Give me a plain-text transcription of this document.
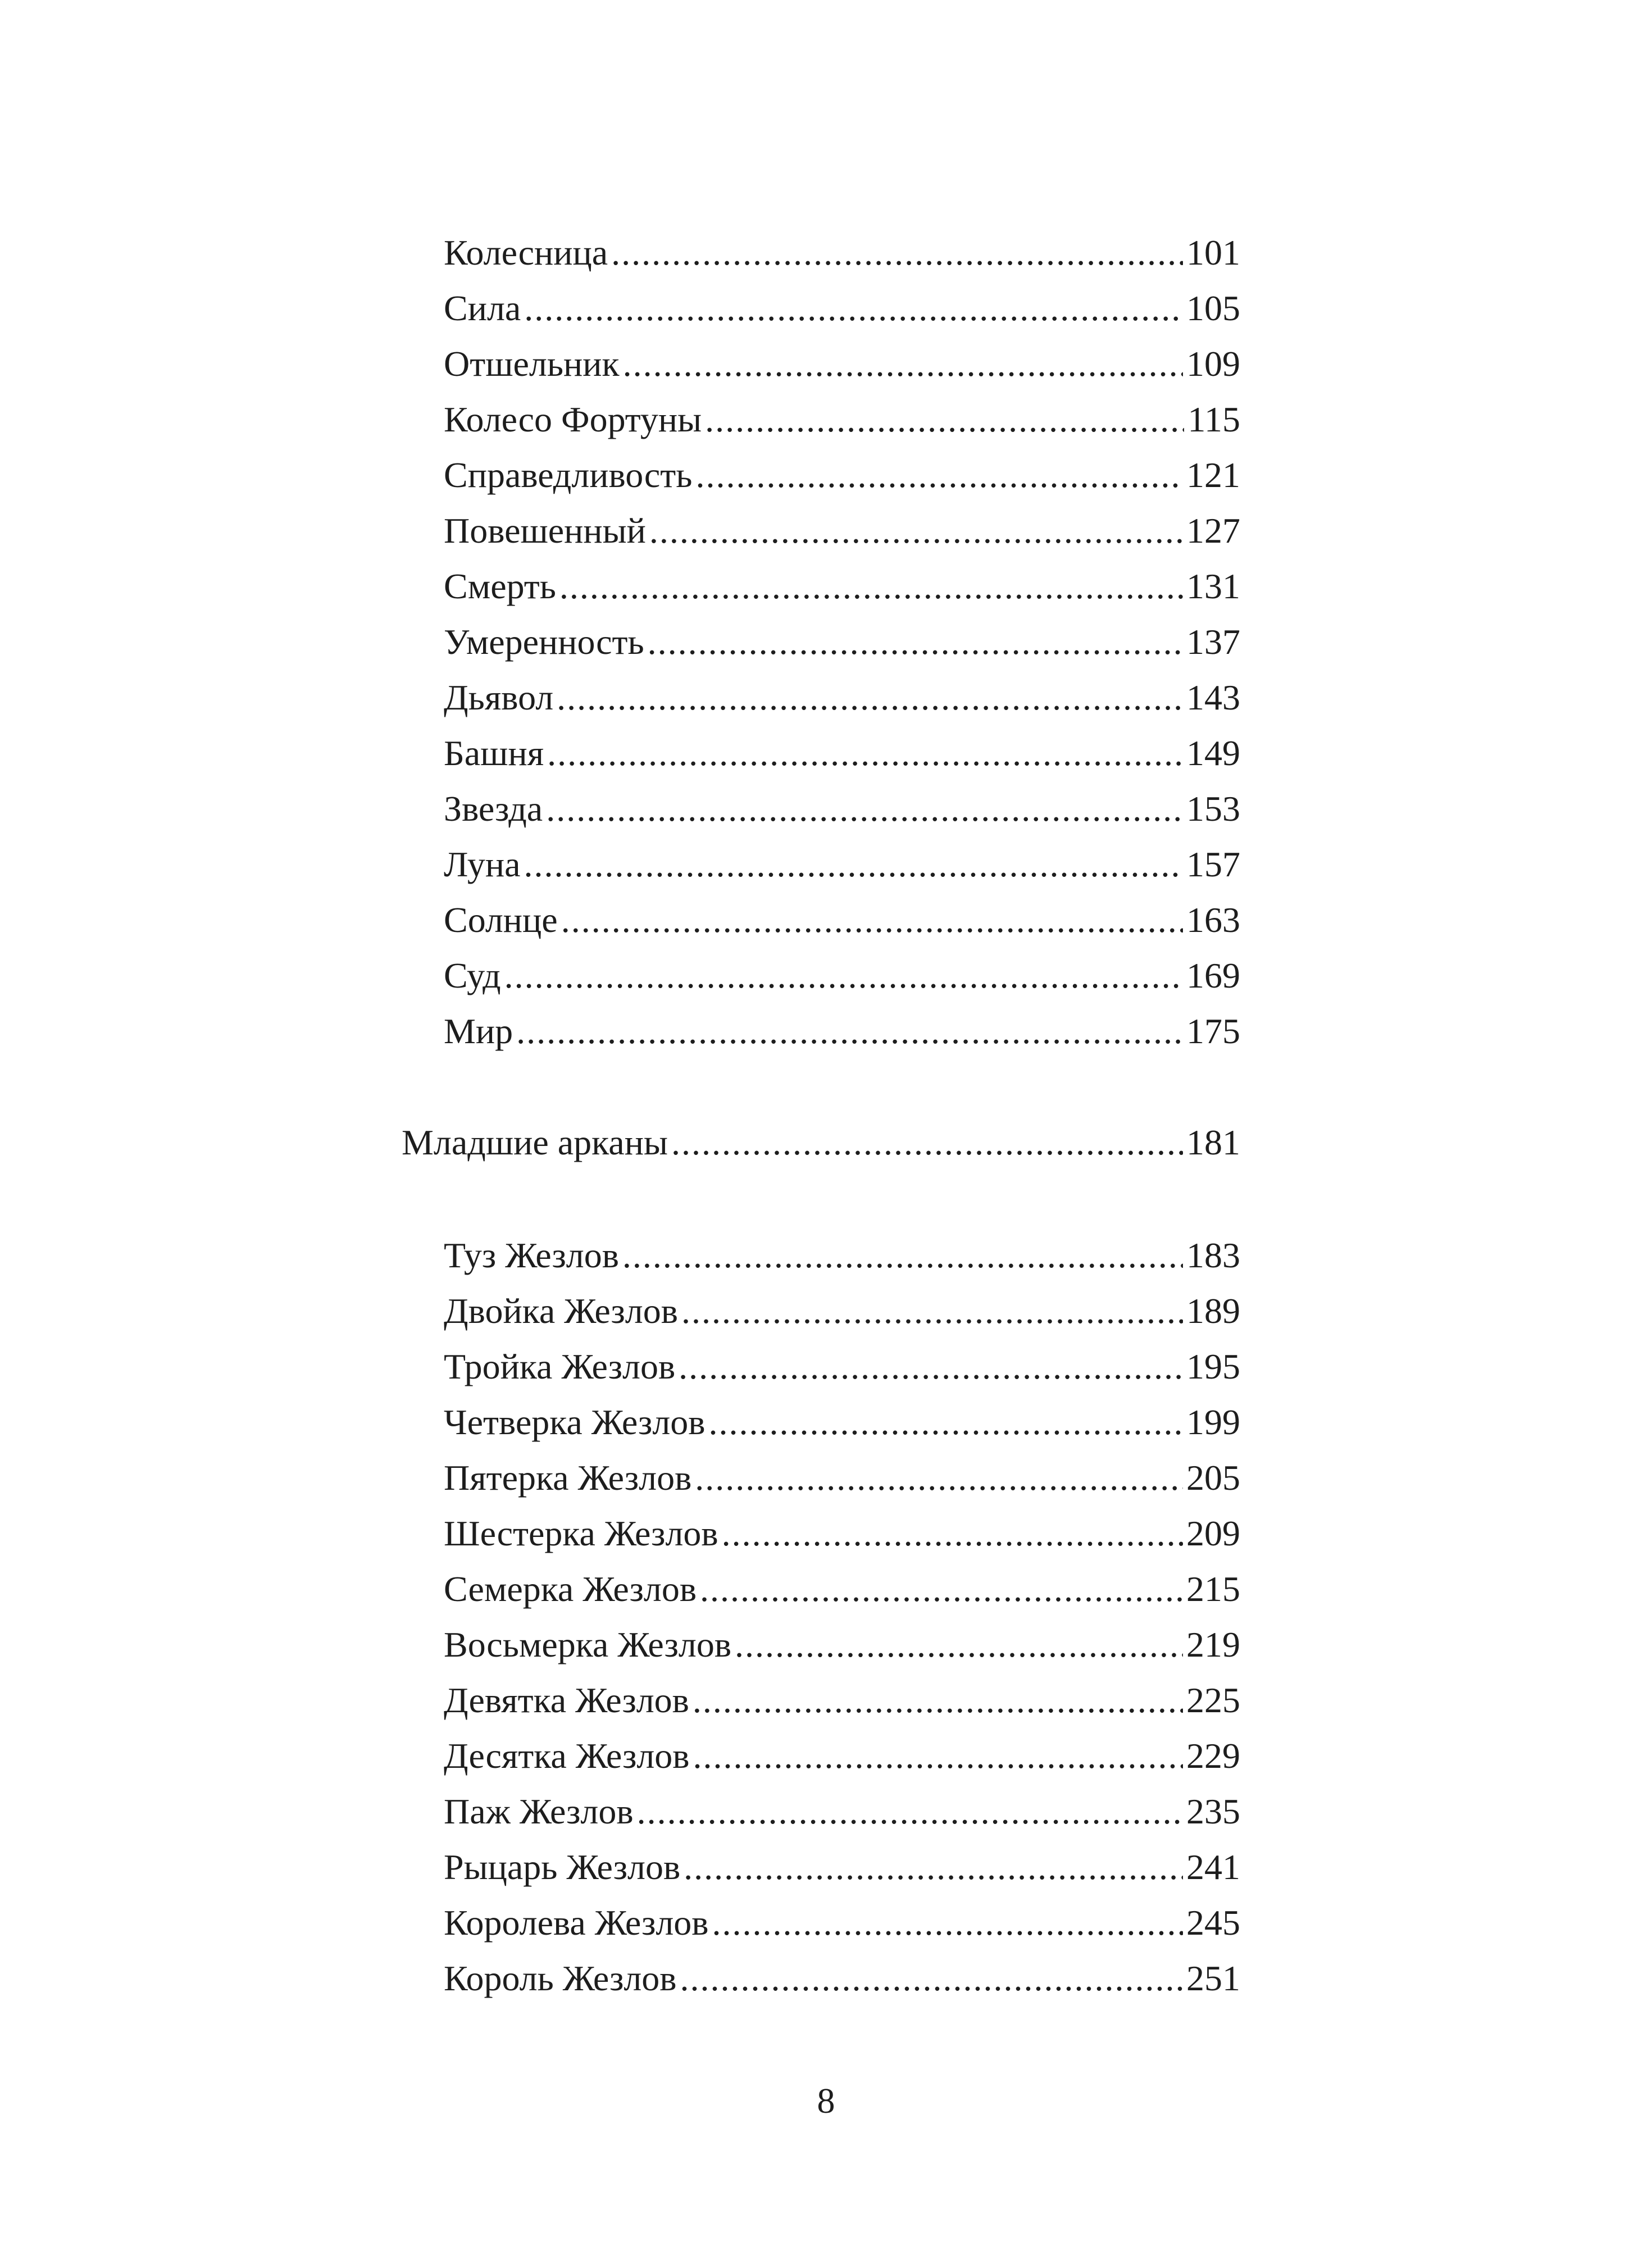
Колесница .....	101
Сила .....	105
Отшельник .....	109
Колесо Фортуны .....	115
Справедливость .....	121
Повешенный .....	127
Смерть .....	131
Умеренность .....	137
Дьявол .....	143
Башня .....	149
Звезда .....	153
Луна .....	157
Солнце .....	163
Суд .....	169
Мир .....	175
Младшие арканы .....	181
Туз Жезлов .....	183
Двойка Жезлов .....	189
Тройка Жезлов .....	195
Четверка Жезлов .....	199
Пятерка Жезлов .....	205
Шестерка Жезлов .....	209
Семерка Жезлов .....	215
Восьмерка Жезлов .....	219
Девятка Жезлов .....	225
Десятка Жезлов .....	229
Паж Жезлов .....	235
Рыцарь Жезлов .....	241
Королева Жезлов .....	245
Король Жезлов .....	251
8
